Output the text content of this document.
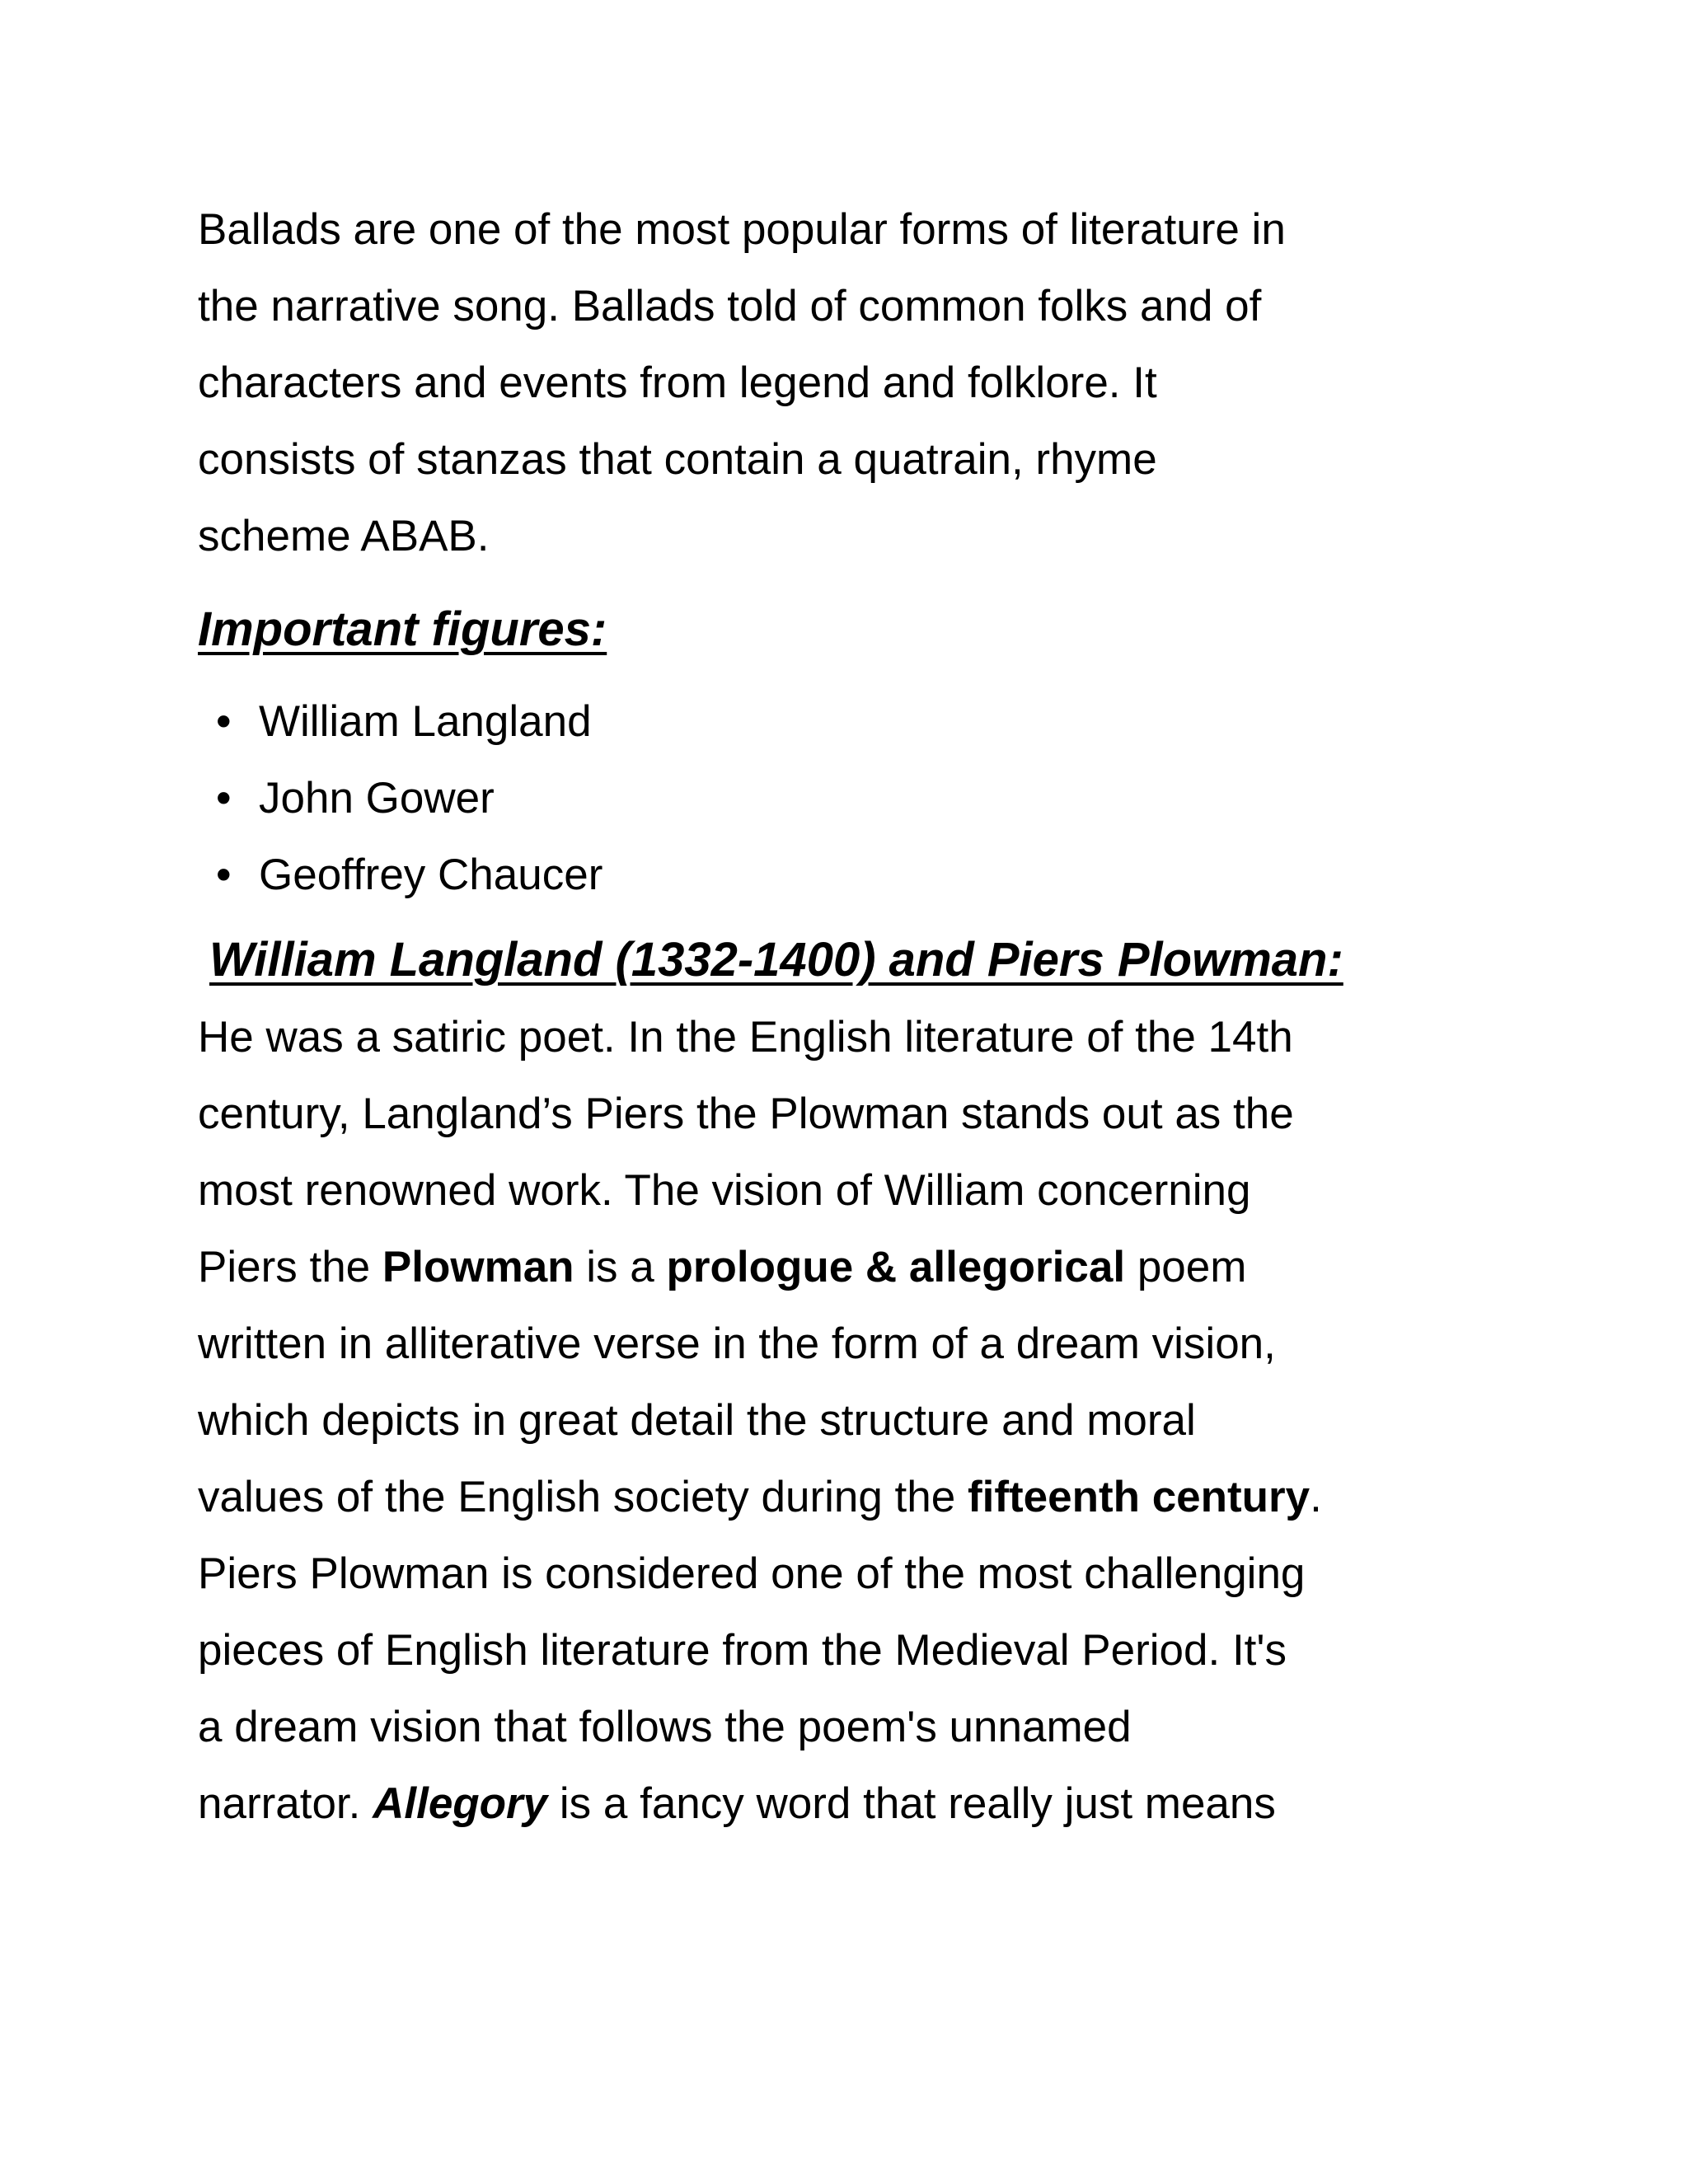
Ballads are one of the most popular forms of literature in
the narrative song. Ballads told of common folks and of
characters and events from legend and folklore. It
consists of stanzas that contain a quatrain, rhyme
scheme ABAB.

Important figures:
• William Langland
• John Gower
• Geoffrey Chaucer
William Langland (1332-1400) and Piers Plowman:

He was a satiric poet. In the English literature of the 14th
century, Langland’s Piers the Plowman stands out as the
most renowned work. The vision of William concerning
Piers the Plowman is a prologue & allegorical poem
written in alliterative verse in the form of a dream vision,
which depicts in great detail the structure and moral
values of the English society during the fifteenth century.
Piers Plowman is considered one of the most challenging
pieces of English literature from the Medieval Period. It's
a dream vision that follows the poem's unnamed
narrator. Allegory is a fancy word that really just means
